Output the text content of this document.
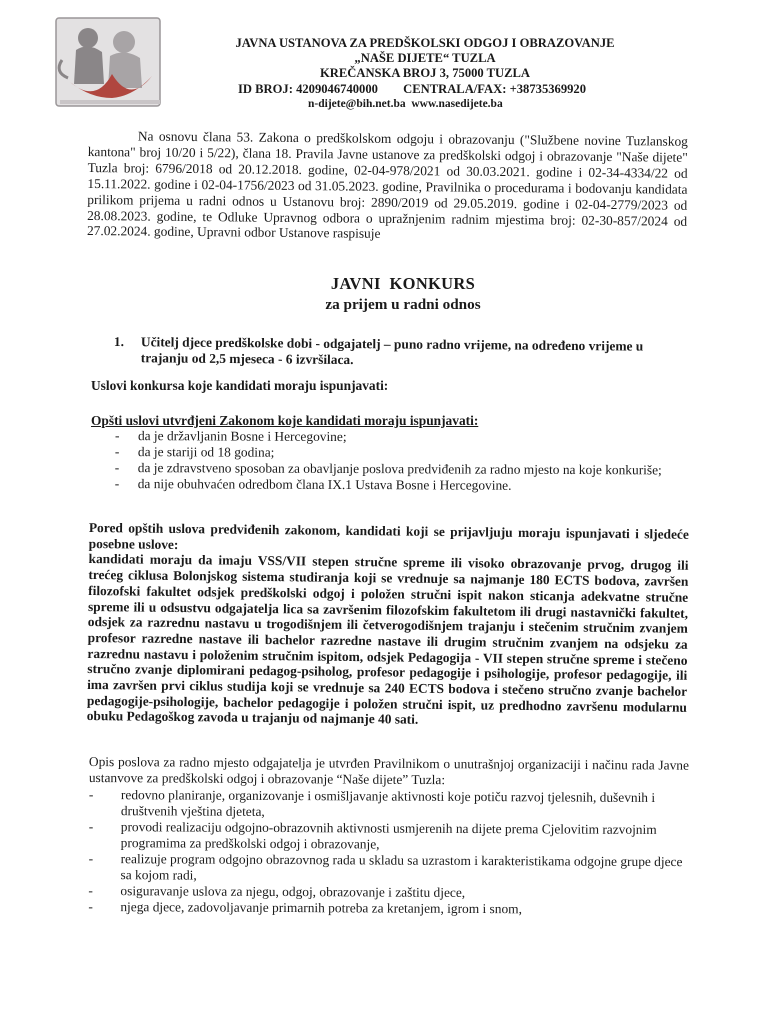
JAVNA USTANOVA ZA PREDŠKOLSKI ODGOJ I OBRAZOVANJE
„NAŠE DIJETE“ TUZLA
KREČANSKA BROJ 3, 75000 TUZLA
ID BROJ: 4209046740000        CENTRALA/FAX: +38735369920
n-dijete@bih.net.ba  www.nasedijete.ba

Na osnovu člana 53. Zakona o predškolskom odgoju i obrazovanju ("Službene novine Tuzlanskog kantona" broj 10/20 i 5/22), člana 18. Pravila Javne ustanove za predškolski odgoj i obrazovanje "Naše dijete" Tuzla broj: 6796/2018 od 20.12.2018. godine, 02-04-978/2021 od 30.03.2021. godine i 02-34-4334/22 od 15.11.2022. godine i 02-04-1756/2023 od 31.05.2023. godine, Pravilnika o procedurama i bodovanju kandidata prilikom prijema u radni odnos u Ustanovu broj: 2890/2019 od 29.05.2019. godine i 02-04-2779/2023 od 28.08.2023. godine, te Odluke Upravnog odbora o upražnjenim radnim mjestima broj: 02-30-857/2024 od 27.02.2024. godine, Upravni odbor Ustanove raspisuje

JAVNI  KONKURS
za prijem u radni odnos
1. Učitelj djece predškolske dobi - odgajatelj – puno radno vrijeme, na određeno vrijeme u trajanju od 2,5 mjeseca - 6 izvršilaca.
Uslovi konkursa koje kandidati moraju ispunjavati:
Opšti uslovi utvrđjeni Zakonom koje kandidati moraju ispunjavati:
- da je državljanin Bosne i Hercegovine;
- da je stariji od 18 godina;
- da je zdravstveno sposoban za obavljanje poslova predviđenih za radno mjesto na koje konkuriše;
- da nije obuhvaćen odredbom člana IX.1 Ustava Bosne i Hercegovine.

Pored opštih uslova predviđenih zakonom, kandidati koji se prijavljuju moraju ispunjavati i sljedeće posebne uslove:

kandidati moraju da imaju VSS/VII stepen stručne spreme ili visoko obrazovanje prvog, drugog ili trećeg ciklusa Bolonjskog sistema studiranja koji se vrednuje sa najmanje 180 ECTS bodova, završen filozofski fakultet odsjek predškolski odgoj i položen stručni ispit nakon sticanja adekvatne stručne spreme ili u odsustvu odgajatelja lica sa završenim filozofskim fakultetom ili drugi nastavnički fakultet, odsjek za razrednu nastavu u trogodišnjem ili četverogodišnjem trajanju i stečenim stručnim zvanjem profesor razredne nastave ili bachelor razredne nastave ili drugim stručnim zvanjem na odsjeku za razrednu nastavu i položenim stručnim ispitom, odsjek Pedagogija - VII stepen stručne spreme i stečeno stručno zvanje diplomirani pedagog-psiholog, profesor pedagogije i psihologije, profesor pedagogije, ili ima završen prvi ciklus studija koji se vrednuje sa 240 ECTS bodova i stečeno stručno zvanje bachelor pedagogije-psihologije, bachelor pedagogije i položen stručni ispit, uz predhodno završenu modularnu obuku Pedagoškog zavoda u trajanju od najmanje 40 sati.

Opis poslova za radno mjesto odgajatelja je utvrđen Pravilnikom o unutrašnjoj organizaciji i načinu rada Javne ustanvove za predškolski odgoj i obrazovanje “Naše dijete” Tuzla:

- redovno planiranje, organizovanje i osmišljavanje aktivnosti koje potiču razvoj tjelesnih, duševnih i društvenih vještina djeteta,
- provodi realizaciju odgojno-obrazovnih aktivnosti usmjerenih na dijete prema Cjelovitim razvojnim programima za predškolski odgoj i obrazovanje,
- realizuje program odgojno obrazovnog rada u skladu sa uzrastom i karakteristikama odgojne grupe djece sa kojom radi,
- osiguravanje uslova za njegu, odgoj, obrazovanje i zaštitu djece,
- njega djece, zadovoljavanje primarnih potreba za kretanjem, igrom i snom,
